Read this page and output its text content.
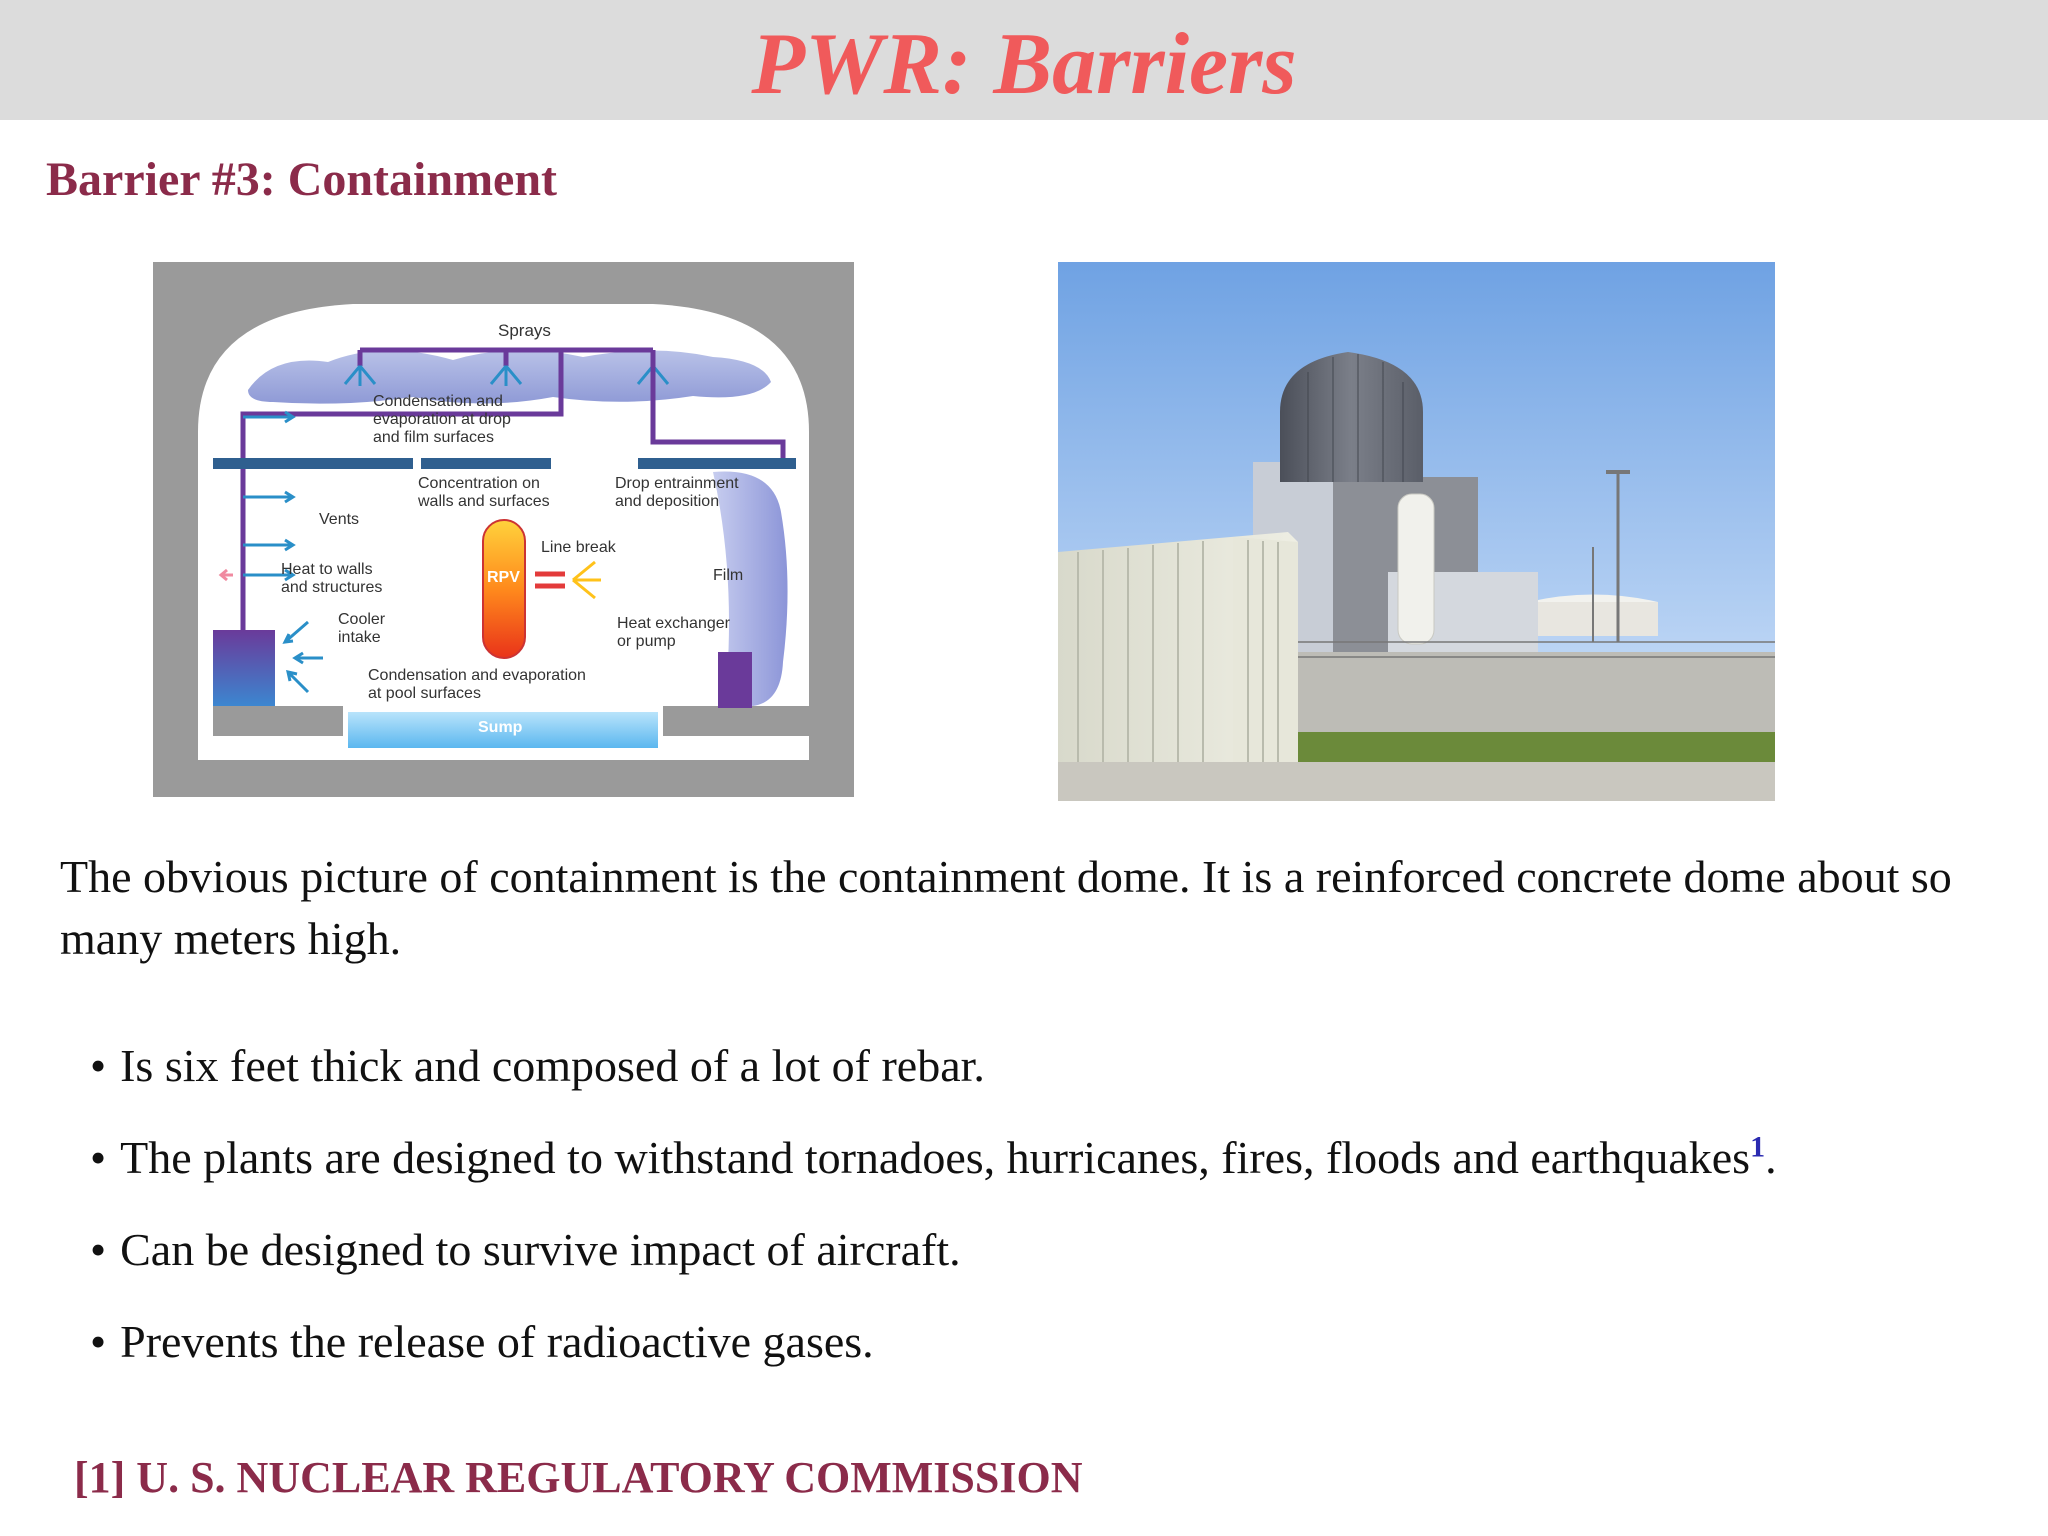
PWR: Barriers
Barrier #3: Containment
Sprays
Condensation and
evaporation at drop
and film surfaces
Concentration on
walls and surfaces
Drop entrainment
and deposition
Vents
Line break
Heat to walls
and structures
RPV	Film
Cooler
intake
Heat exchanger
or pump
Condensation and evaporation
at pool surfaces
Sump
The obvious picture of containment is the containment dome. It is a reinforced concrete dome about so many meters high.
• Is six feet thick and composed of a lot of rebar.
• The plants are designed to withstand tornadoes, hurricanes, fires, floods and earthquakes$^1$.
• Can be designed to survive impact of aircraft.
• Prevents the release of radioactive gases.
[1] U. S. NUCLEAR REGULATORY COMMISSION
